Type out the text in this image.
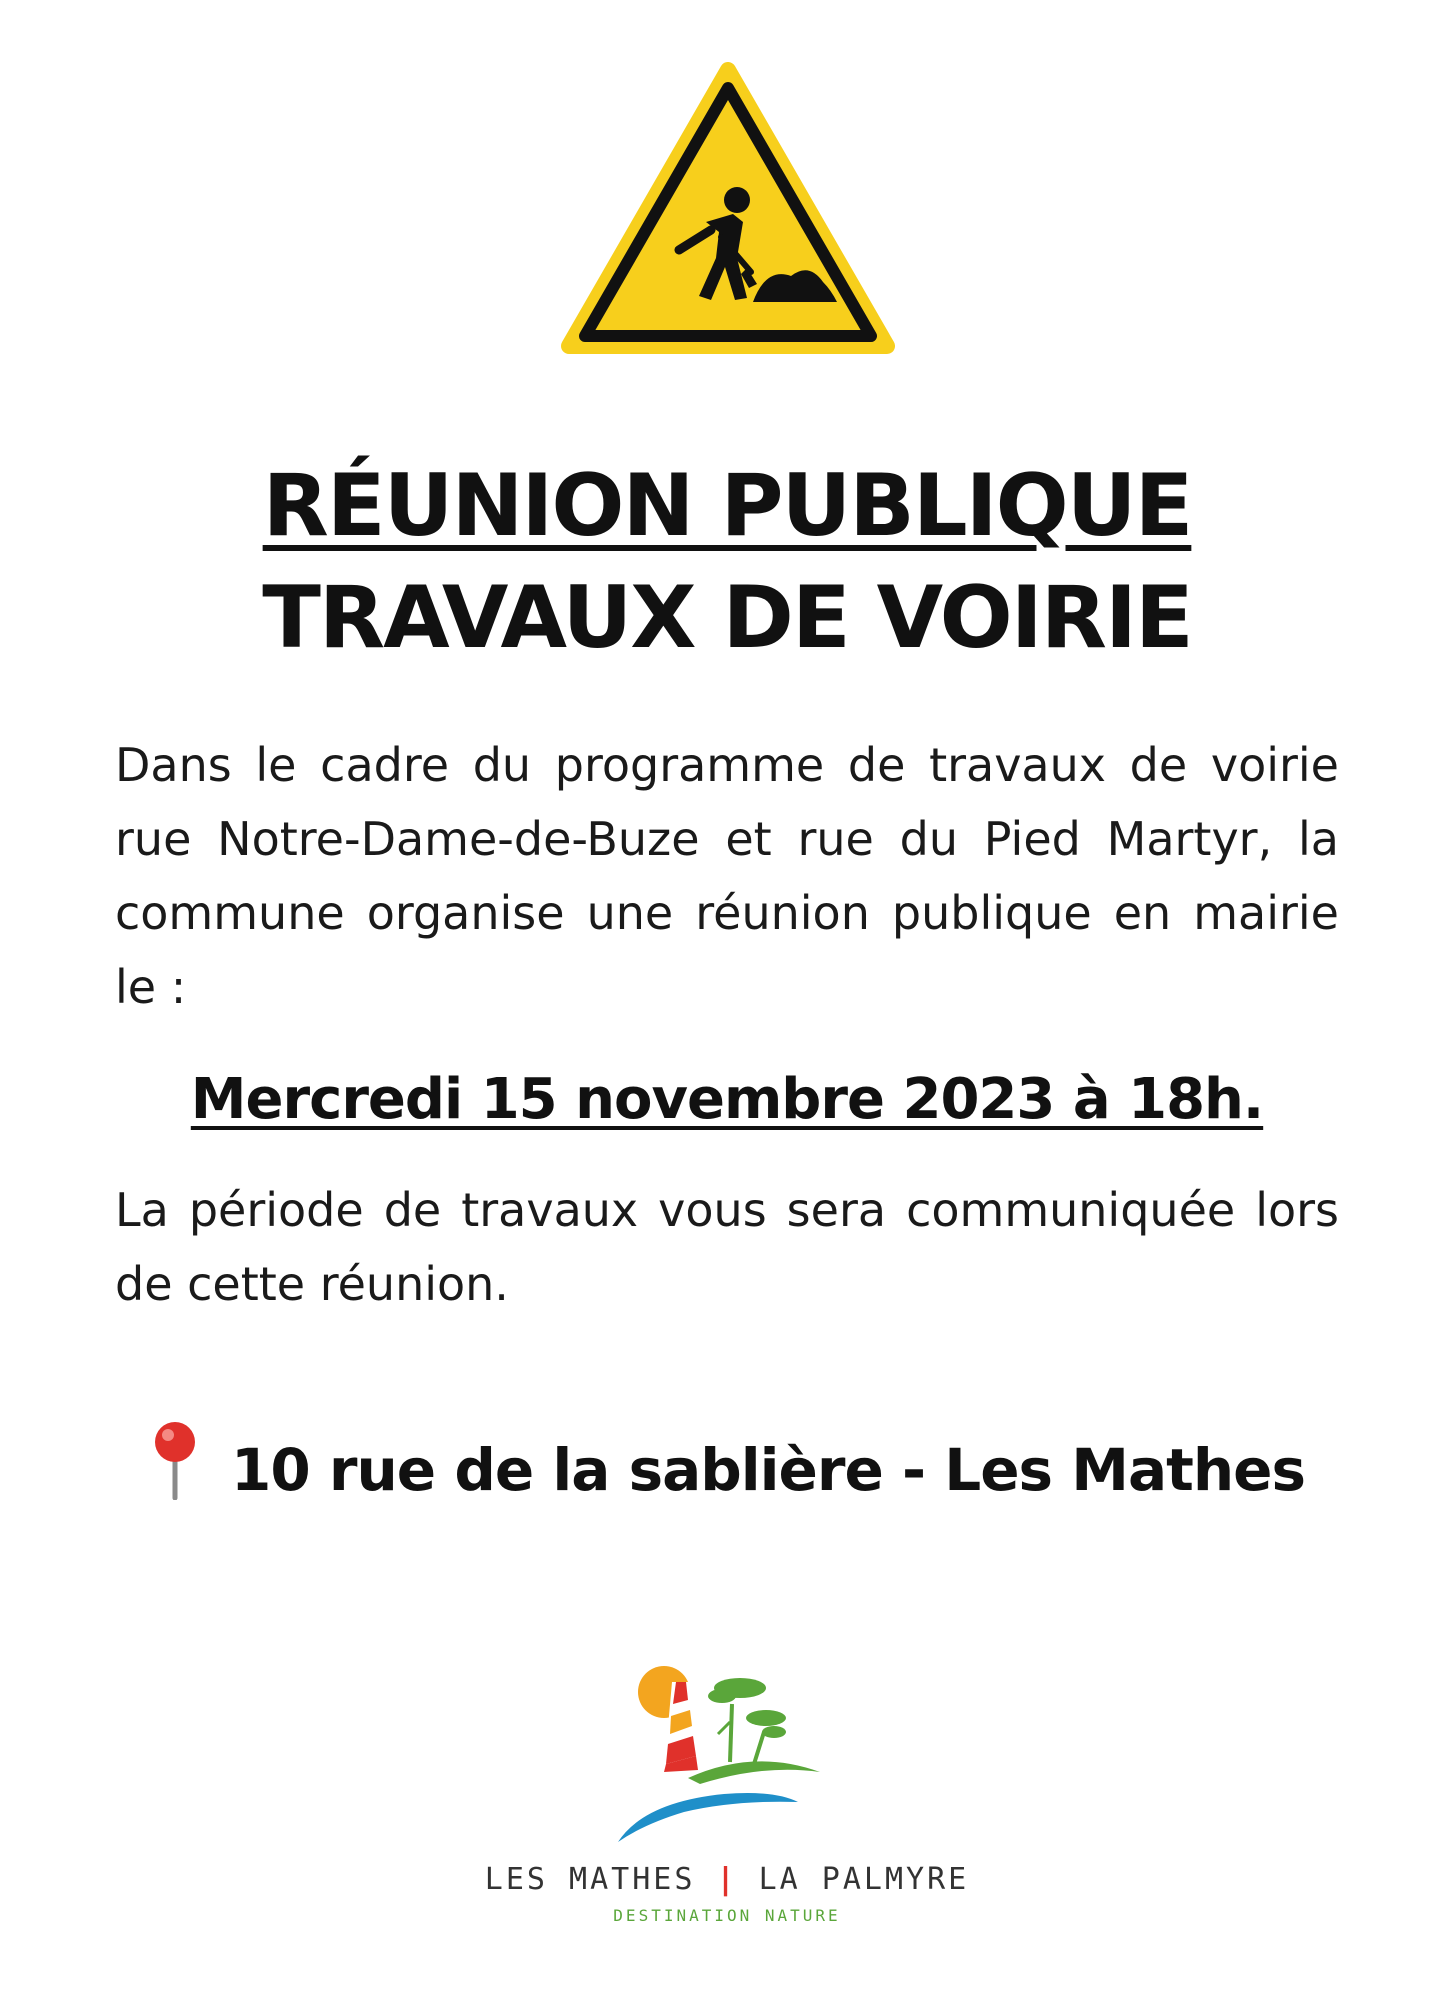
RÉUNION PUBLIQUE
TRAVAUX DE VOIRIE

Dans le cadre du programme de travaux de voirie rue Notre-Dame-de-Buze et rue du Pied Martyr, la commune organise une réunion publique en mairie le :

Mercredi 15 novembre 2023 à 18h.

La période de travaux vous sera communiquée lors de cette réunion.

10 rue de la sablière - Les Mathes
LES MATHES | LA PALMYRE
DESTINATION NATURE
